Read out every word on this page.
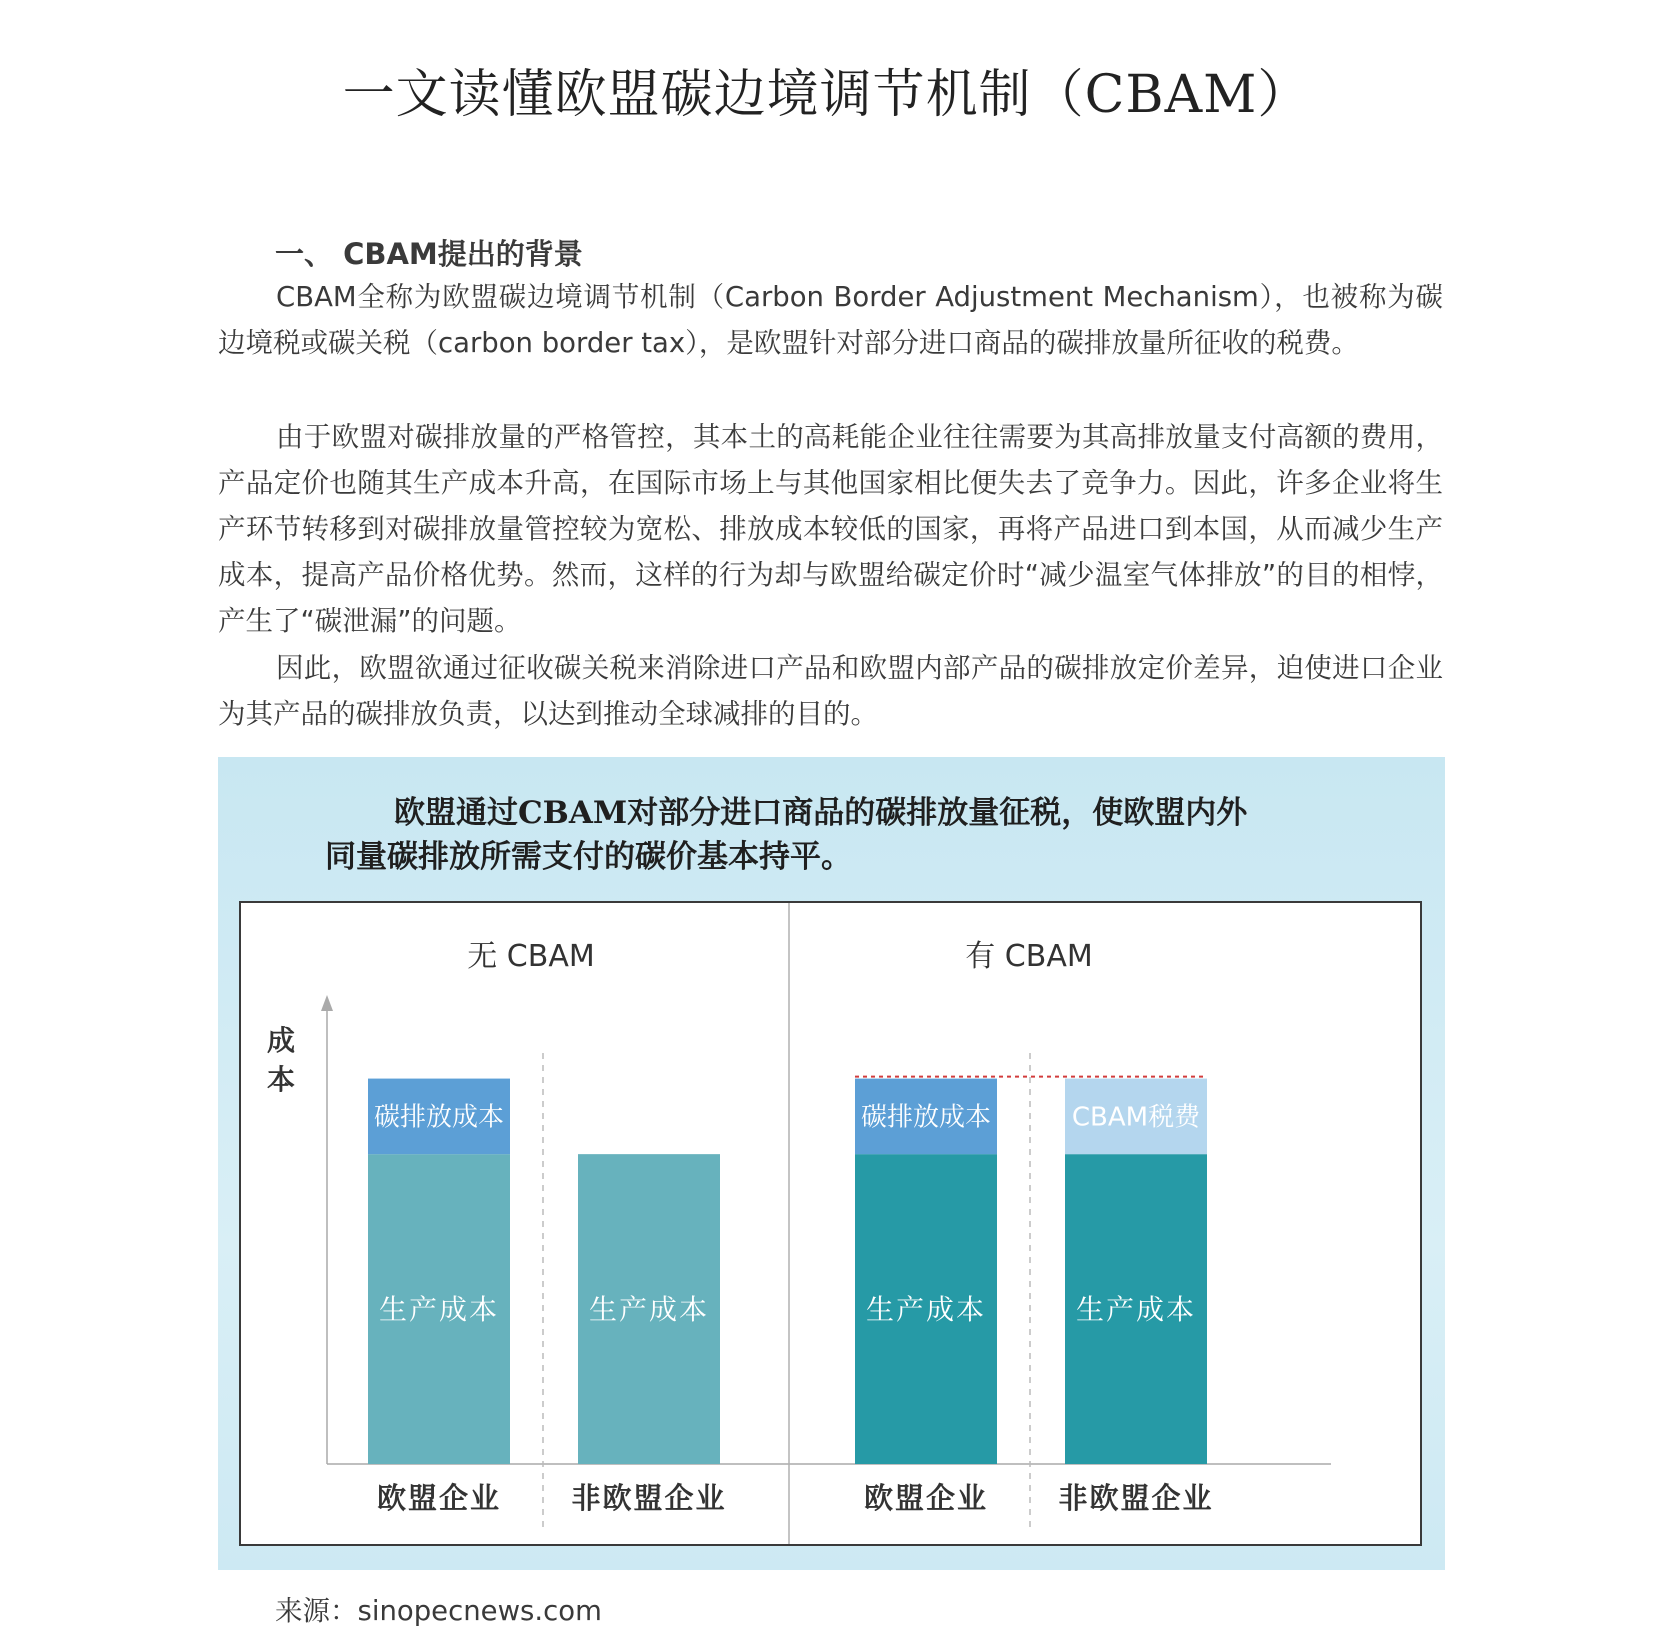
一文读懂欧盟碳边境调节机制（CBAM）
一、 CBAM提出的背景

CBAM全称为欧盟碳边境调节机制（Carbon Border Adjustment Mechanism），也被称为碳边境税或碳关税（carbon border tax），是欧盟针对部分进口商品的碳排放量所征收的税费。

由于欧盟对碳排放量的严格管控，其本土的高耗能企业往往需要为其高排放量支付高额的费用，产品定价也随其生产成本升高，在国际市场上与其他国家相比便失去了竞争力。因此，许多企业将生产环节转移到对碳排放量管控较为宽松、排放成本较低的国家，再将产品进口到本国，从而减少生产成本，提高产品价格优势。然而，这样的行为却与欧盟给碳定价时“减少温室气体排放”的目的相悖，产生了“碳泄漏”的问题。

因此，欧盟欲通过征收碳关税来消除进口产品和欧盟内部产品的碳排放定价差异，迫使进口企业为其产品的碳排放负责，以达到推动全球减排的目的。

欧盟通过CBAM对部分进口商品的碳排放量征税，使欧盟内外
同量碳排放所需支付的碳价基本持平。

成
本
无 CBAM
生产成本
碳排放成本
欧盟企业
生产成本
非欧盟企业
有 CBAM
生产成本
碳排放成本
欧盟企业
生产成本
CBAM税费
非欧盟企业

来源：sinopecnews.com
